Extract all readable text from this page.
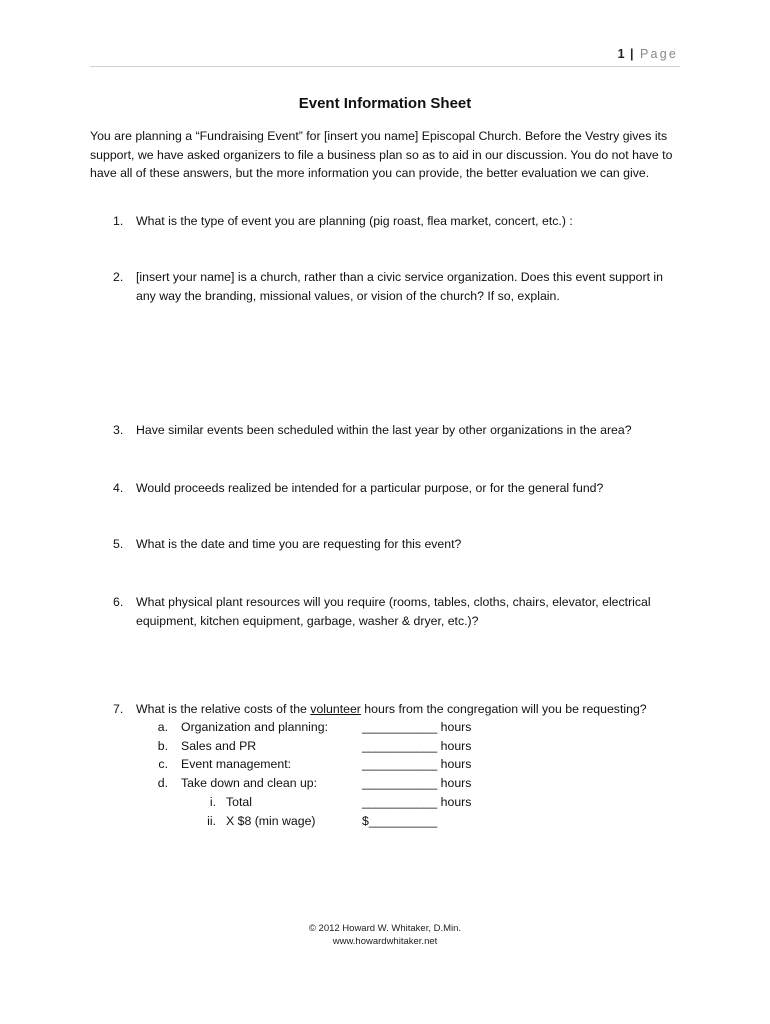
1 | Page
Event Information Sheet

You are planning a “Fundraising Event” for [insert you name] Episcopal Church. Before the Vestry gives its support, we have asked organizers to file a business plan so as to aid in our discussion. You do not have to have all of these answers, but the more information you can provide, the better evaluation we can give.

1.	What is the type of event you are planning (pig roast, flea market, concert, etc.) :
2.	[insert your name] is a church, rather than a civic service organization. Does this event support in any way the branding, missional values, or vision of the church? If so, explain.
3.	Have similar events been scheduled within the last year by other organizations in the area?
4.	Would proceeds realized be intended for a particular purpose, or for the general fund?
5.	What is the date and time you are requesting for this event?
6.	What physical plant resources will you require (rooms, tables, cloths, chairs, elevator, electrical equipment, kitchen equipment, garbage, washer & dryer, etc.)?
7.	What is the relative costs of the volunteer hours from the congregation will you be requesting?
a. Organization and planning:	___________ hours
b. Sales and PR	___________ hours
c. Event management:	___________ hours
d. Take down and clean up:	___________ hours
i. Total	___________ hours
ii. X $8 (min wage)	$__________
© 2012 Howard W. Whitaker, D.Min.
www.howardwhitaker.net
